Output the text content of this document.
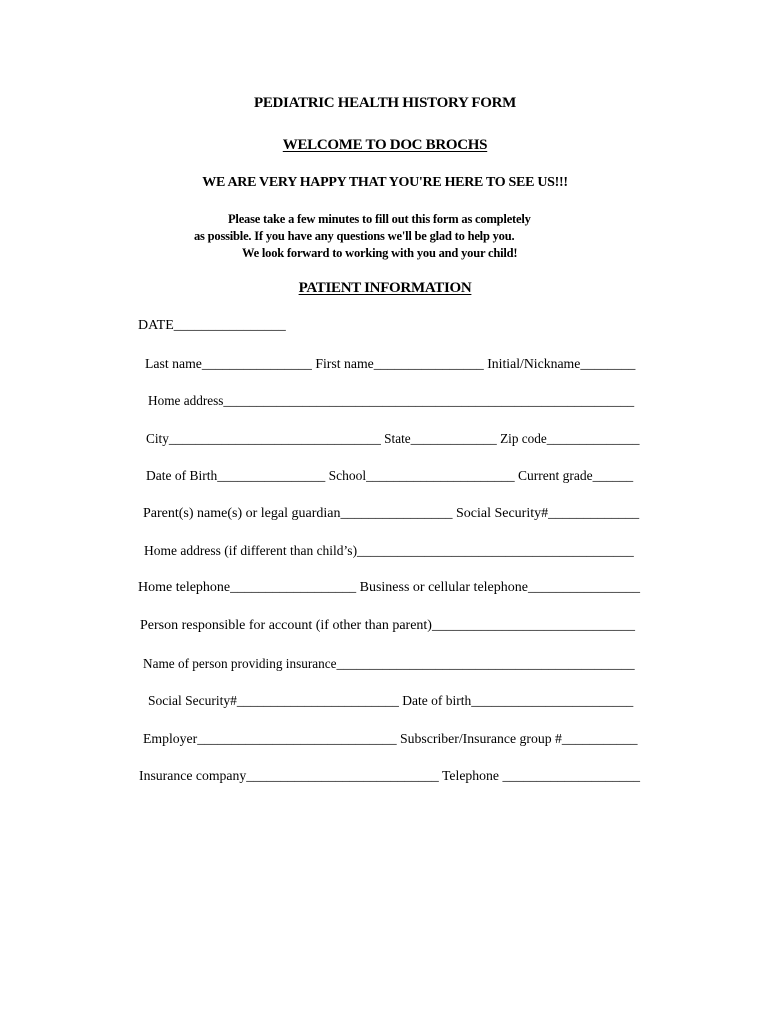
PEDIATRIC HEALTH HISTORY FORM
WELCOME TO DOC BROCHS
WE ARE VERY HAPPY THAT YOU'RE HERE TO SEE US!!!
Please take a few minutes to fill out this form as completely
as possible. If you have any questions we'll be glad to help you.
We look forward to working with you and your child!
PATIENT INFORMATION
DATE________________
Last name________________ First name________________ Initial/Nickname________
Home address______________________________________________________________
City________________________________ State_____________ Zip code______________
Date of Birth________________ School______________________ Current grade______
Parent(s) name(s) or legal guardian________________ Social Security#_____________
Home address (if different than child’s)_________________________________________
Home telephone__________________ Business or cellular telephone________________
Person responsible for account (if other than parent)_____________________________
Name of person providing insurance_____________________________________________
Social Security#________________________ Date of birth________________________
Employer_____________________________ Subscriber/Insurance group #___________
Insurance company____________________________ Telephone ____________________
